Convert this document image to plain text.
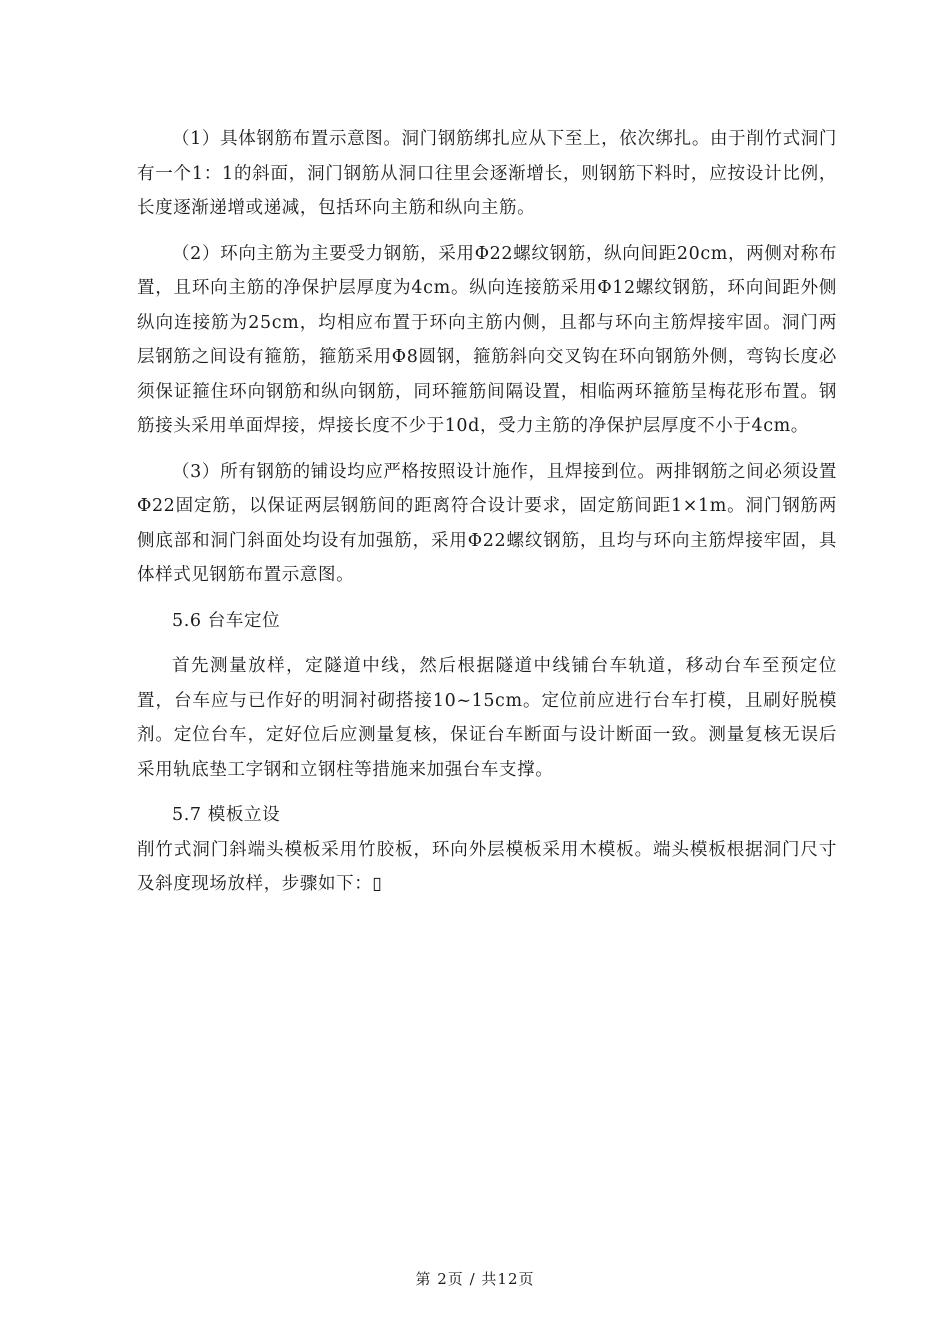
（1）具体钢筋布置示意图。洞门钢筋绑扎应从下至上，依次绑扎。由于削竹式洞门有一个1：1的斜面，洞门钢筋从洞口往里会逐渐增长，则钢筋下料时，应按设计比例，长度逐渐递增或递减，包括环向主筋和纵向主筋。

（2）环向主筋为主要受力钢筋，采用Φ22螺纹钢筋，纵向间距20cm，两侧对称布置，且环向主筋的净保护层厚度为4cm。纵向连接筋采用Φ12螺纹钢筋，环向间距外侧纵向连接筋为25cm，均相应布置于环向主筋内侧，且都与环向主筋焊接牢固。洞门两层钢筋之间设有箍筋，箍筋采用Φ8圆钢，箍筋斜向交叉钩在环向钢筋外侧，弯钩长度必须保证箍住环向钢筋和纵向钢筋，同环箍筋间隔设置，相临两环箍筋呈梅花形布置。钢筋接头采用单面焊接，焊接长度不少于10d，受力主筋的净保护层厚度不小于4cm。

（3）所有钢筋的铺设均应严格按照设计施作，且焊接到位。两排钢筋之间必须设置Φ22固定筋，以保证两层钢筋间的距离符合设计要求，固定筋间距1×1m。洞门钢筋两侧底部和洞门斜面处均设有加强筋，采用Φ22螺纹钢筋，且均与环向主筋焊接牢固，具体样式见钢筋布置示意图。

5.6 台车定位

首先测量放样，定隧道中线，然后根据隧道中线铺台车轨道，移动台车至预定位置，台车应与已作好的明洞衬砌搭接10~15cm。定位前应进行台车打模，且刷好脱模剂。定位台车，定好位后应测量复核，保证台车断面与设计断面一致。测量复核无误后采用轨底垫工字钢和立钢柱等措施来加强台车支撑。

5.7 模板立设

削竹式洞门斜端头模板采用竹胶板，环向外层模板采用木模板。端头模板根据洞门尺寸及斜度现场放样，步骤如下：▯

第 2页 / 共12页
